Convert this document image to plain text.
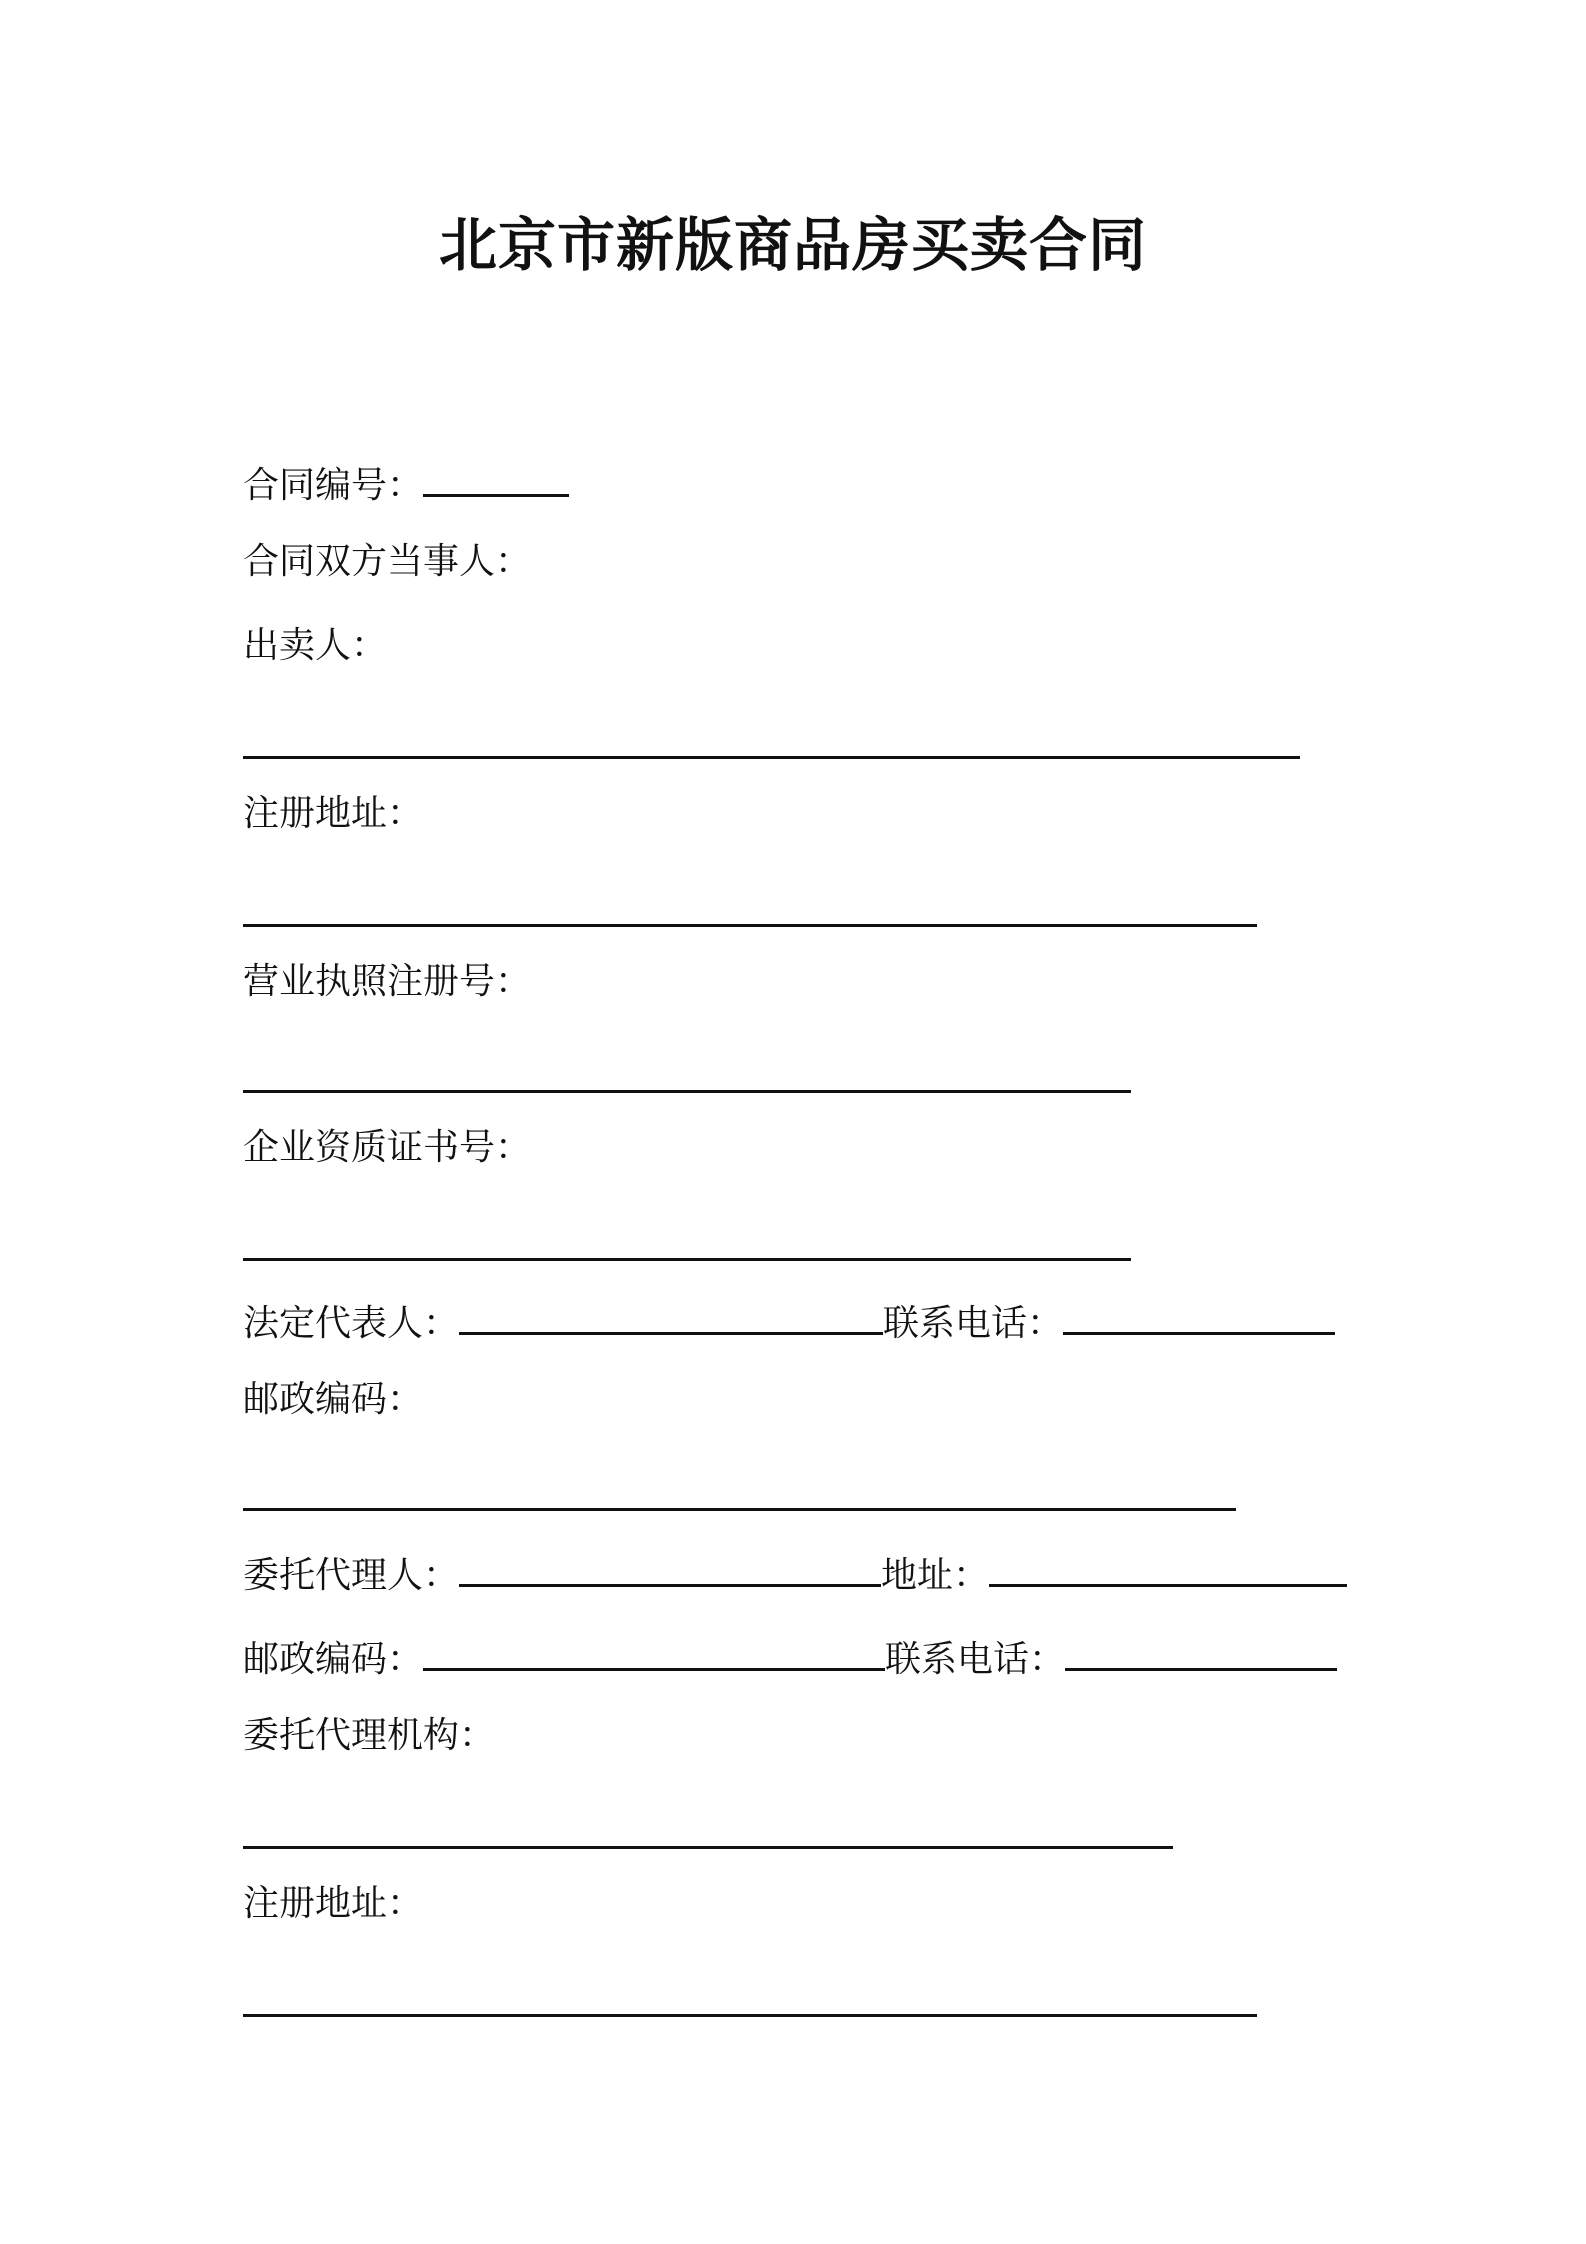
北京市新版商品房买卖合同
合同编号：
合同双方当事人：
出卖人：
注册地址：
营业执照注册号：
企业资质证书号：
法定代表人：	联系电话：
邮政编码：
委托代理人：	地址：
邮政编码：	联系电话：
委托代理机构：
注册地址：
